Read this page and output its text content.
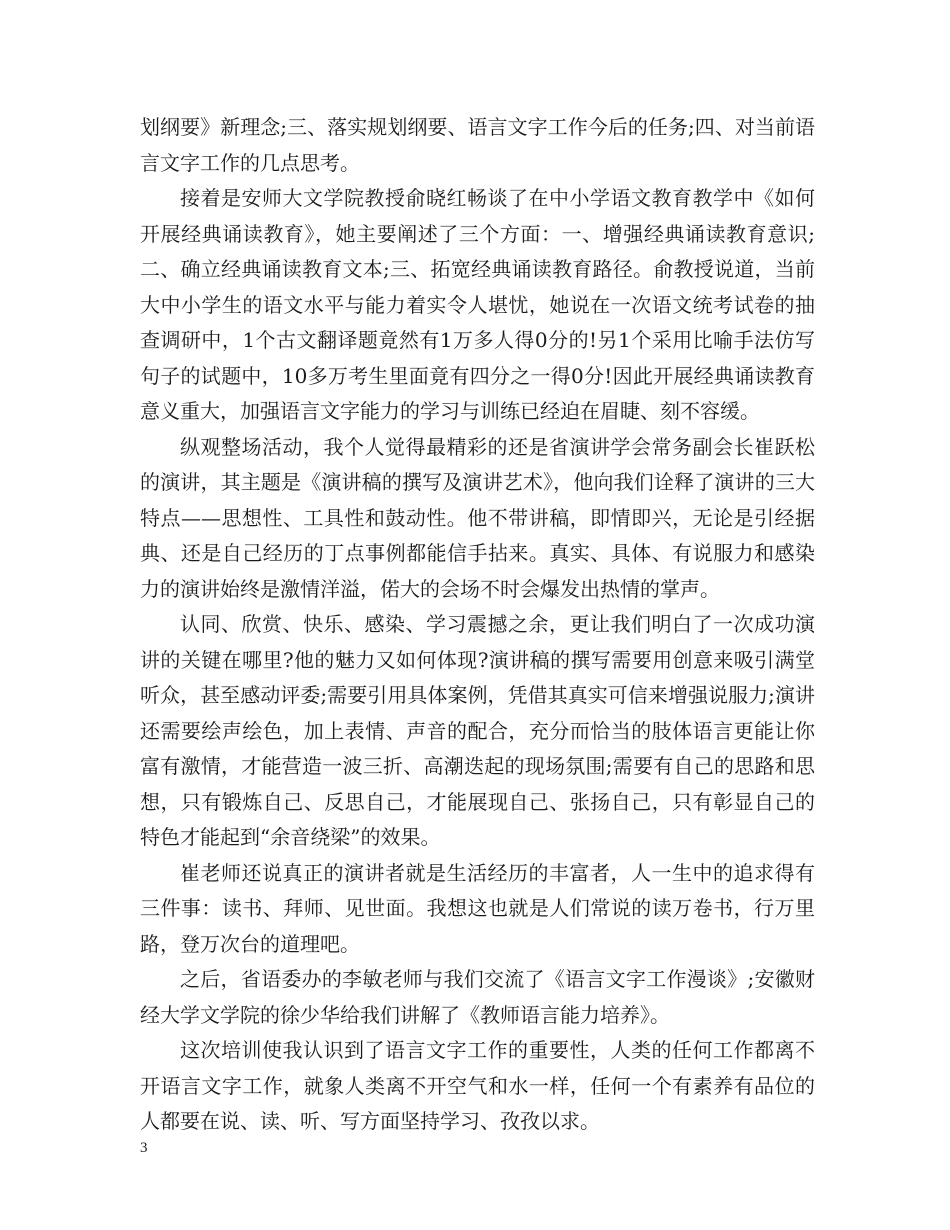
划纲要》新理念;三、落实规划纲要、语言文字工作今后的任务;四、对当前语言文字工作的几点思考。

接着是安师大文学院教授俞晓红畅谈了在中小学语文教育教学中《如何开展经典诵读教育》，她主要阐述了三个方面：一、增强经典诵读教育意识;二、确立经典诵读教育文本;三、拓宽经典诵读教育路径。俞教授说道，当前大中小学生的语文水平与能力着实令人堪忧，她说在一次语文统考试卷的抽查调研中，1个古文翻译题竟然有1万多人得0分的!另1个采用比喻手法仿写句子的试题中，10多万考生里面竟有四分之一得0分!因此开展经典诵读教育意义重大，加强语言文字能力的学习与训练已经迫在眉睫、刻不容缓。

纵观整场活动，我个人觉得最精彩的还是省演讲学会常务副会长崔跃松的演讲，其主题是《演讲稿的撰写及演讲艺术》，他向我们诠释了演讲的三大特点——思想性、工具性和鼓动性。他不带讲稿，即情即兴，无论是引经据典、还是自己经历的丁点事例都能信手拈来。真实、具体、有说服力和感染力的演讲始终是激情洋溢，偌大的会场不时会爆发出热情的掌声。

认同、欣赏、快乐、感染、学习震撼之余，更让我们明白了一次成功演讲的关键在哪里?他的魅力又如何体现?演讲稿的撰写需要用创意来吸引满堂听众，甚至感动评委;需要引用具体案例，凭借其真实可信来增强说服力;演讲还需要绘声绘色，加上表情、声音的配合，充分而恰当的肢体语言更能让你富有激情，才能营造一波三折、高潮迭起的现场氛围;需要有自己的思路和思想，只有锻炼自己、反思自己，才能展现自己、张扬自己，只有彰显自己的特色才能起到“余音绕梁”的效果。

崔老师还说真正的演讲者就是生活经历的丰富者，人一生中的追求得有三件事：读书、拜师、见世面。我想这也就是人们常说的读万卷书，行万里路，登万次台的道理吧。

之后，省语委办的李敏老师与我们交流了《语言文字工作漫谈》;安徽财经大学文学院的徐少华给我们讲解了《教师语言能力培养》。

这次培训使我认识到了语言文字工作的重要性，人类的任何工作都离不开语言文字工作，就象人类离不开空气和水一样，任何一个有素养有品位的人都要在说、读、听、写方面坚持学习、孜孜以求。

3
